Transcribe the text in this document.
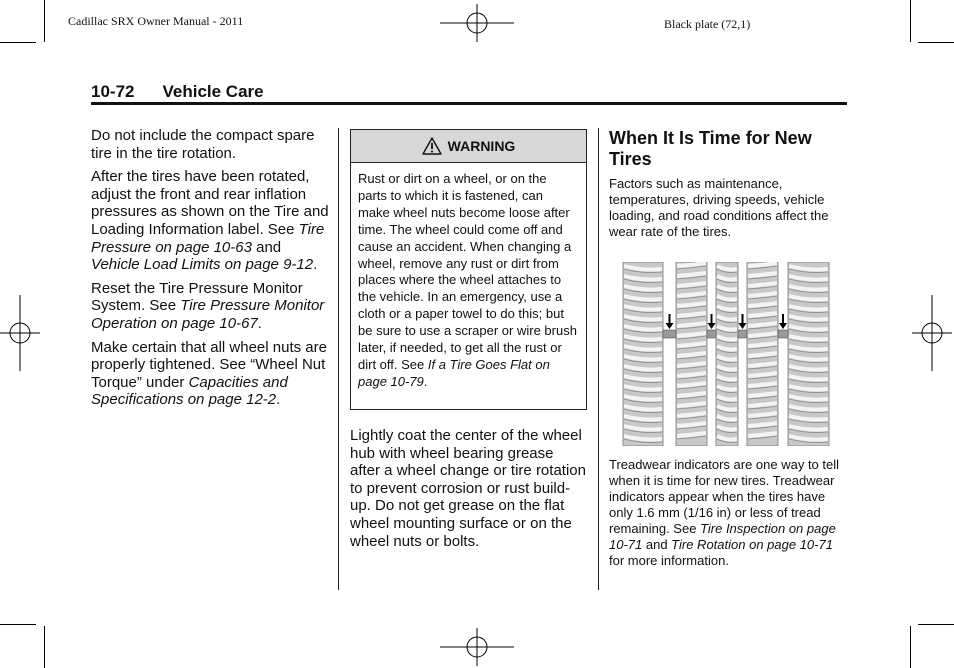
Cadillac SRX Owner Manual - 2011	Black plate (72,1)
10-72 Vehicle Care

Do not include the compact spare tire in the tire rotation.

After the tires have been rotated, adjust the front and rear inflation pressures as shown on the Tire and Loading Information label. See Tire Pressure on page 10-63 and Vehicle Load Limits on page 9-12.

Reset the Tire Pressure Monitor System. See Tire Pressure Monitor Operation on page 10-67.

Make certain that all wheel nuts are properly tightened. See “Wheel Nut Torque” under Capacities and Specifications on page 12-2.

WARNING
Rust or dirt on a wheel, or on the parts to which it is fastened, can make wheel nuts become loose after time. The wheel could come off and cause an accident. When changing a wheel, remove any rust or dirt from places where the wheel attaches to the vehicle. In an emergency, use a cloth or a paper towel to do this; but be sure to use a scraper or wire brush later, if needed, to get all the rust or dirt off. See If a Tire Goes Flat on page 10-79.

Lightly coat the center of the wheel hub with wheel bearing grease after a wheel change or tire rotation to prevent corrosion or rust build-up. Do not get grease on the flat wheel mounting surface or on the wheel nuts or bolts.

When It Is Time for New Tires
Factors such as maintenance, temperatures, driving speeds, vehicle loading, and road conditions affect the wear rate of the tires.
Treadwear indicators are one way to tell when it is time for new tires. Treadwear indicators appear when the tires have only 1.6 mm (1/16 in) or less of tread remaining. See Tire Inspection on page 10-71 and Tire Rotation on page 10-71 for more information.
